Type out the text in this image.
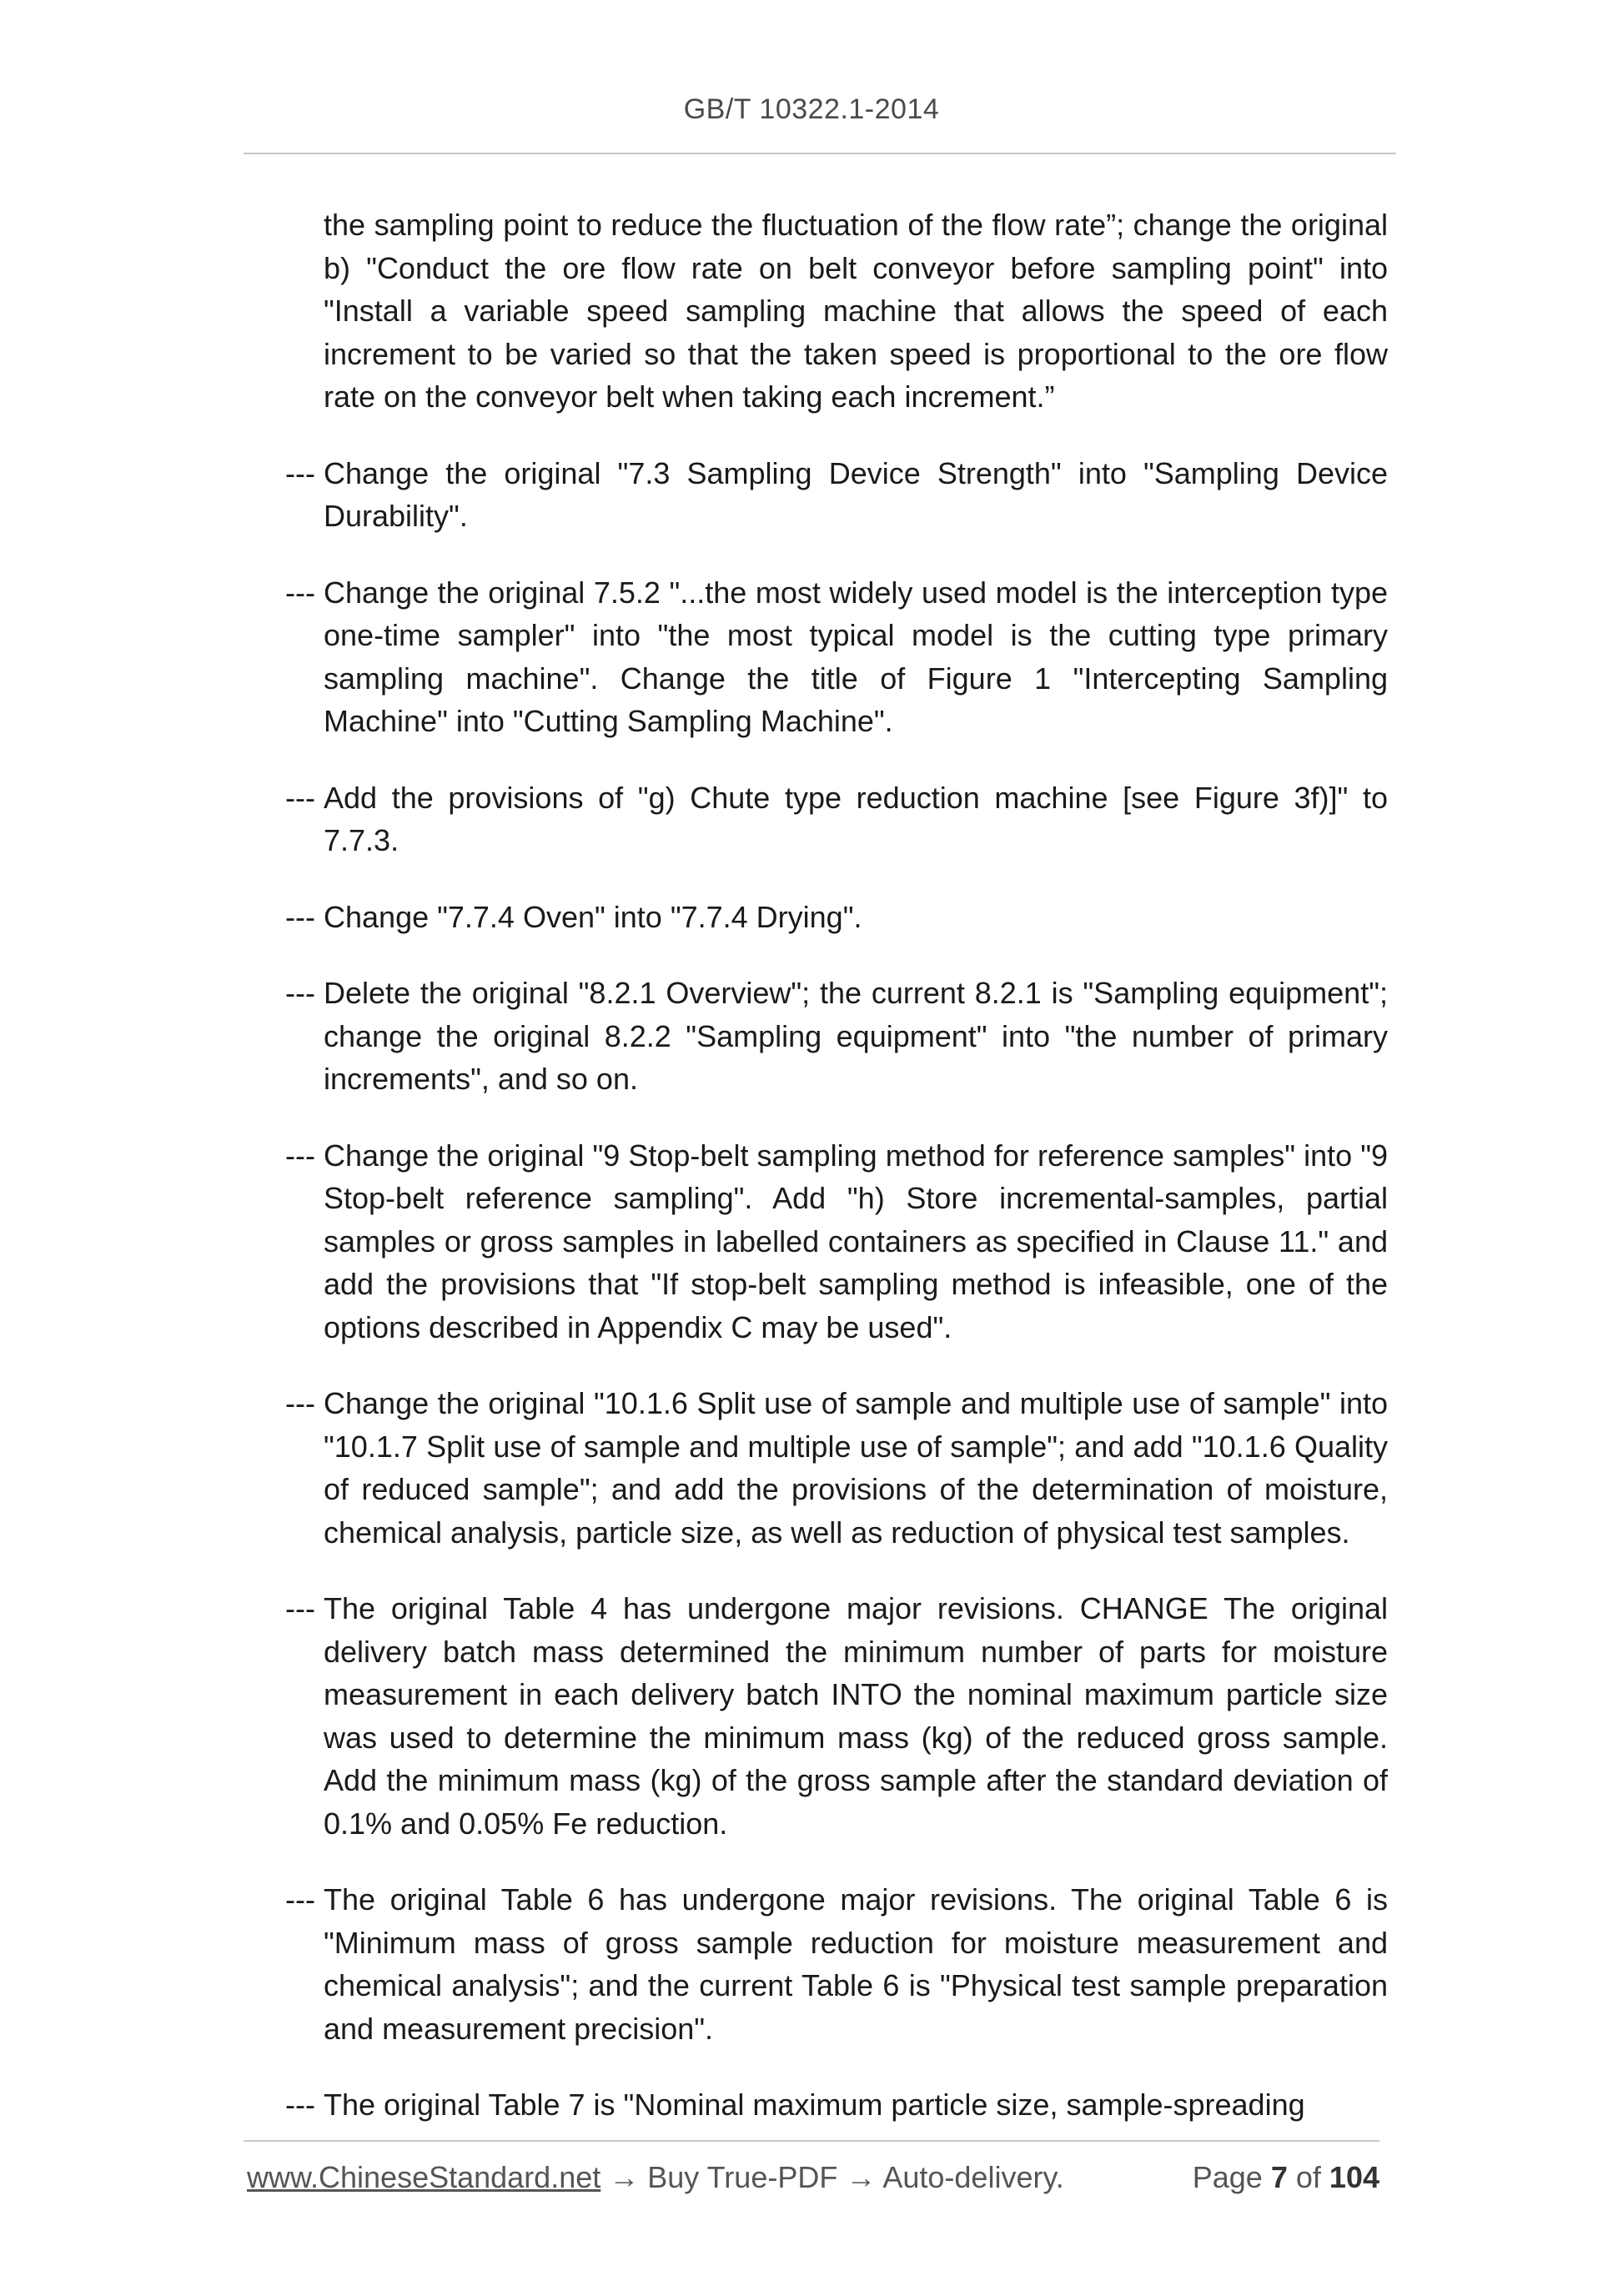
GB/T 10322.1-2014
the sampling point to reduce the fluctuation of the flow rate”; change the original b) "Conduct the ore flow rate on belt conveyor before sampling point" into "Install a variable speed sampling machine that allows the speed of each increment to be varied so that the taken speed is proportional to the ore flow rate on the conveyor belt when taking each increment.”
--- Change the original "7.3 Sampling Device Strength" into "Sampling Device Durability".
--- Change the original 7.5.2 "...the most widely used model is the interception type one-time sampler" into "the most typical model is the cutting type primary sampling machine". Change the title of Figure 1 "Intercepting Sampling Machine" into "Cutting Sampling Machine".
--- Add the provisions of "g) Chute type reduction machine [see Figure 3f)]" to 7.7.3.
--- Change "7.7.4 Oven" into "7.7.4 Drying".
--- Delete the original "8.2.1 Overview"; the current 8.2.1 is "Sampling equipment"; change the original 8.2.2 "Sampling equipment" into "the number of primary increments", and so on.
--- Change the original "9 Stop-belt sampling method for reference samples" into "9 Stop-belt reference sampling". Add "h) Store incremental-samples, partial samples or gross samples in labelled containers as specified in Clause 11." and add the provisions that "If stop-belt sampling method is infeasible, one of the options described in Appendix C may be used".
--- Change the original "10.1.6 Split use of sample and multiple use of sample" into "10.1.7 Split use of sample and multiple use of sample"; and add "10.1.6 Quality of reduced sample"; and add the provisions of the determination of moisture, chemical analysis, particle size, as well as reduction of physical test samples.
--- The original Table 4 has undergone major revisions. CHANGE The original delivery batch mass determined the minimum number of parts for moisture measurement in each delivery batch INTO the nominal maximum particle size was used to determine the minimum mass (kg) of the reduced gross sample. Add the minimum mass (kg) of the gross sample after the standard deviation of 0.1% and 0.05% Fe reduction.
--- The original Table 6 has undergone major revisions. The original Table 6 is "Minimum mass of gross sample reduction for moisture measurement and chemical analysis"; and the current Table 6 is "Physical test sample preparation and measurement precision".
--- The original Table 7 is "Nominal maximum particle size, sample-spreading
www.ChineseStandard.net → Buy True-PDF → Auto-delivery.	Page 7 of 104
